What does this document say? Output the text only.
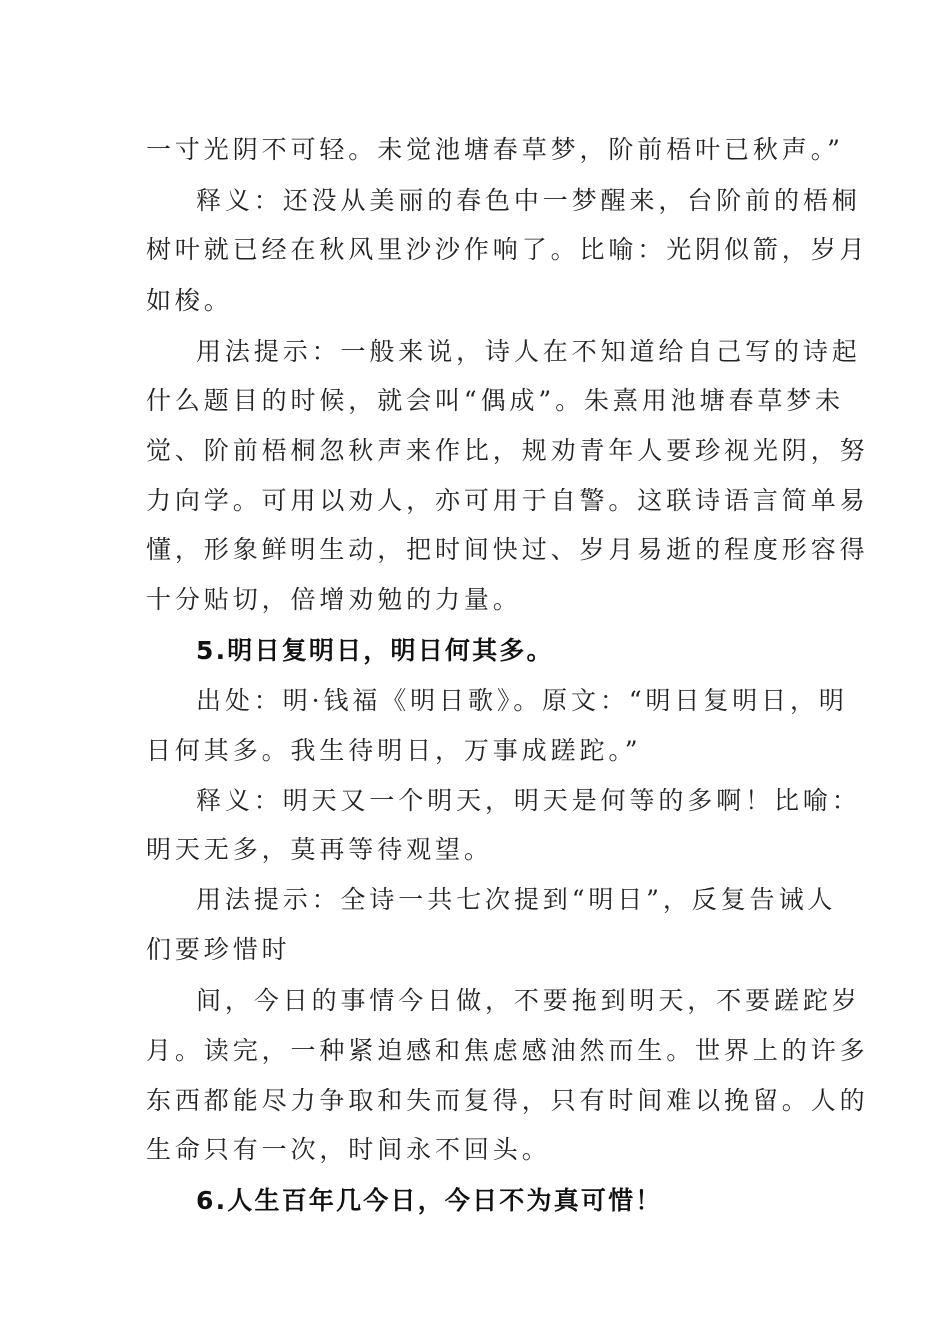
一寸光阴不可轻。未觉池塘春草梦，阶前梧叶已秋声。”

释义：还没从美丽的春色中一梦醒来，台阶前的梧桐

树叶就已经在秋风里沙沙作响了。比喻：光阴似箭，岁月

如梭。

用法提示：一般来说，诗人在不知道给自己写的诗起

什么题目的时候，就会叫“偶成”。朱熹用池塘春草梦未

觉、阶前梧桐忽秋声来作比，规劝青年人要珍视光阴，努

力向学。可用以劝人，亦可用于自警。这联诗语言简单易

懂，形象鲜明生动，把时间快过、岁月易逝的程度形容得

十分贴切，倍增劝勉的力量。

5.明日复明日，明日何其多。

出处：明·钱福《明日歌》。原文：“明日复明日，明

日何其多。我生待明日，万事成蹉跎。”

释义：明天又一个明天，明天是何等的多啊！比喻：

明天无多，莫再等待观望。

用法提示：全诗一共七次提到“明日”，反复告诫人

们要珍惜时

间，今日的事情今日做，不要拖到明天，不要蹉跎岁

月。读完，一种紧迫感和焦虑感油然而生。世界上的许多

东西都能尽力争取和失而复得，只有时间难以挽留。人的

生命只有一次，时间永不回头。

6.人生百年几今日，今日不为真可惜！
